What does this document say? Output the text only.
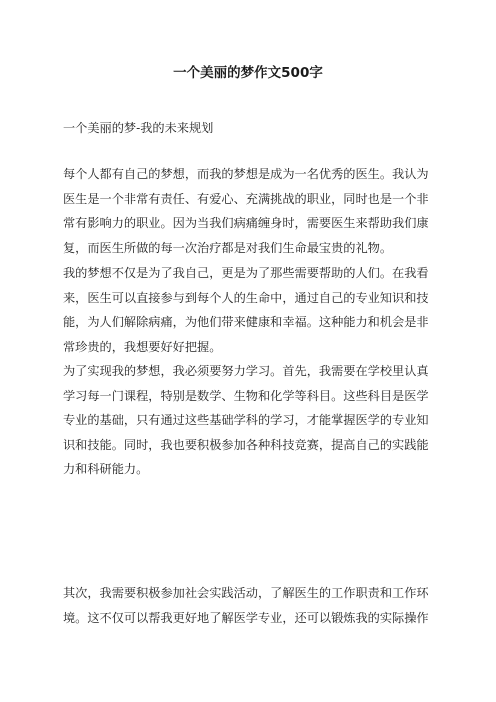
一个美丽的梦作文500字

一个美丽的梦-我的未来规划

每个人都有自己的梦想，而我的梦想是成为一名优秀的医生。我认为
医生是一个非常有责任、有爱心、充满挑战的职业，同时也是一个非
常有影响力的职业。因为当我们病痛缠身时，需要医生来帮助我们康
复，而医生所做的每一次治疗都是对我们生命最宝贵的礼物。
我的梦想不仅是为了我自己，更是为了那些需要帮助的人们。在我看
来，医生可以直接参与到每个人的生命中，通过自己的专业知识和技
能，为人们解除病痛，为他们带来健康和幸福。这种能力和机会是非
常珍贵的，我想要好好把握。
为了实现我的梦想，我必须要努力学习。首先，我需要在学校里认真
学习每一门课程，特别是数学、生物和化学等科目。这些科目是医学
专业的基础，只有通过这些基础学科的学习，才能掌握医学的专业知
识和技能。同时，我也要积极参加各种科技竞赛，提高自己的实践能
力和科研能力。
其次，我需要积极参加社会实践活动，了解医生的工作职责和工作环
境。这不仅可以帮我更好地了解医学专业，还可以锻炼我的实际操作
